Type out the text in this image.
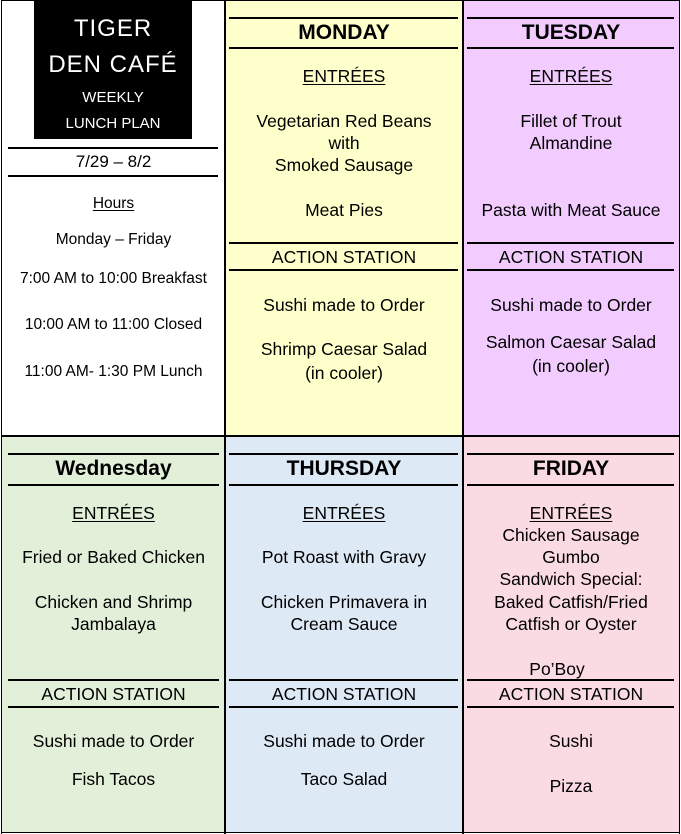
TIGER
DEN CAFÉ
WEEKLY
LUNCH PLAN
7/29 – 8/2
Hours
Monday – Friday
7:00 AM to 10:00 Breakfast
10:00 AM to 11:00 Closed
11:00 AM- 1:30 PM Lunch
MONDAY
ENTRÉES
Vegetarian Red Beans
with
Smoked Sausage
Meat Pies
ACTION STATION
Sushi made to Order
Shrimp Caesar Salad
(in cooler)
TUESDAY
ENTRÉES
Fillet of Trout
Almandine
Pasta with Meat Sauce
ACTION STATION
Sushi made to Order
Salmon Caesar Salad
(in cooler)
Wednesday
ENTRÉES
Fried or Baked Chicken
Chicken and Shrimp
Jambalaya
ACTION STATION
Sushi made to Order
Fish Tacos
THURSDAY
ENTRÉES
Pot Roast with Gravy
Chicken Primavera in
Cream Sauce
ACTION STATION
Sushi made to Order
Taco Salad
FRIDAY
ENTRÉES
Chicken Sausage
Gumbo
Sandwich Special:
Baked Catfish/Fried
Catfish or Oyster
Po’Boy
ACTION STATION
Sushi
Pizza
